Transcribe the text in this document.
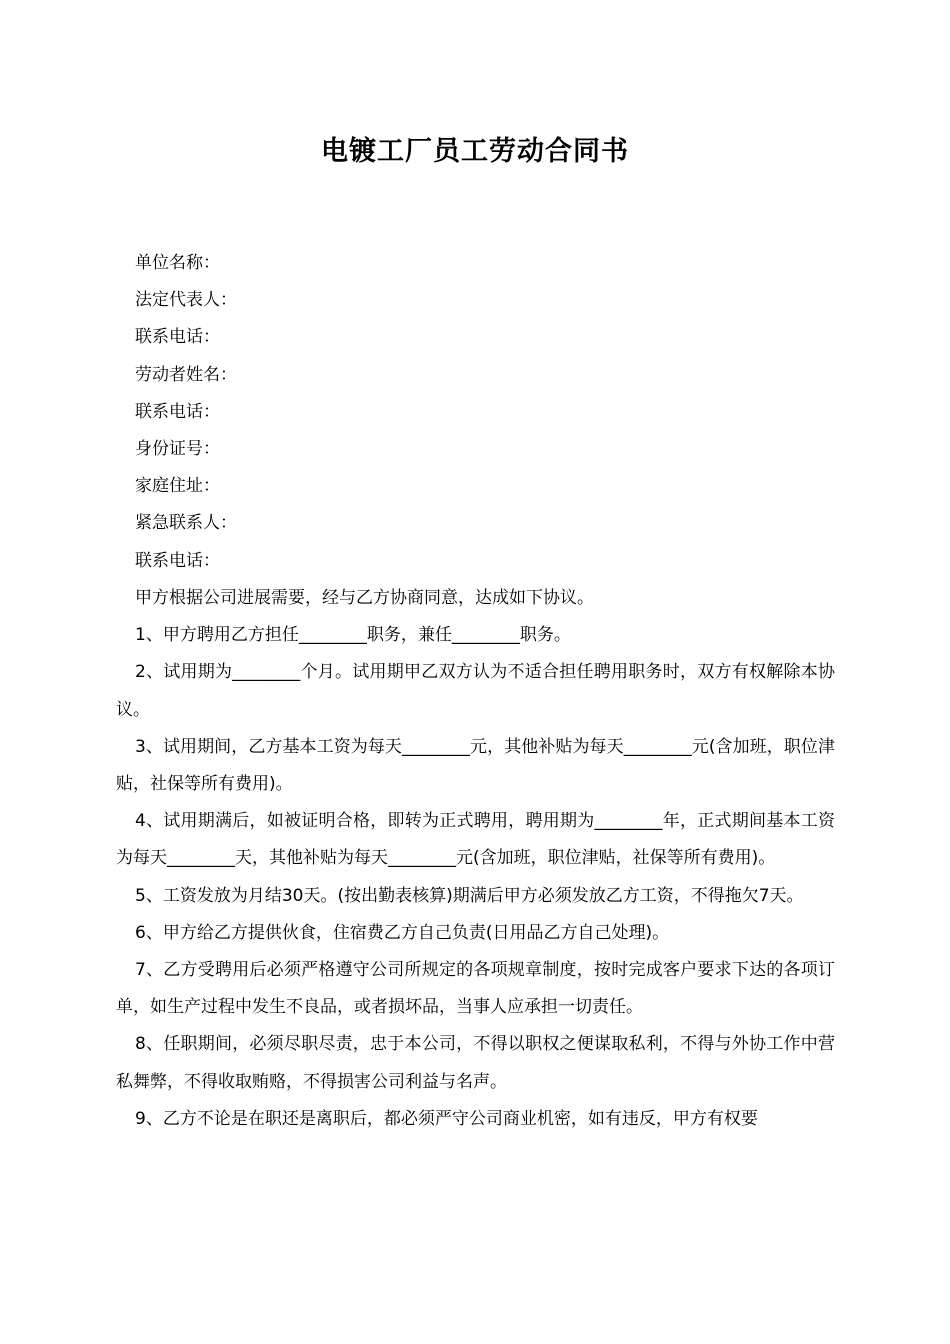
电镀工厂员工劳动合同书
单位名称：
法定代表人：
联系电话：
劳动者姓名：
联系电话：
身份证号：
家庭住址：
紧急联系人：
联系电话：

甲方根据公司进展需要，经与乙方协商同意，达成如下协议。

1、甲方聘用乙方担任________职务，兼任________职务。

2、试用期为________个月。试用期甲乙双方认为不适合担任聘用职务时，双方有权解除本协议。

3、试用期间，乙方基本工资为每天________元，其他补贴为每天________元(含加班，职位津贴，社保等所有费用)。

4、试用期满后，如被证明合格，即转为正式聘用，聘用期为________年，正式期间基本工资为每天________天，其他补贴为每天________元(含加班，职位津贴，社保等所有费用)。

5、工资发放为月结30天。(按出勤表核算)期满后甲方必须发放乙方工资，不得拖欠7天。

6、甲方给乙方提供伙食，住宿费乙方自己负责(日用品乙方自己处理)。

7、乙方受聘用后必须严格遵守公司所规定的各项规章制度，按时完成客户要求下达的各项订单，如生产过程中发生不良品，或者损坏品，当事人应承担一切责任。

8、任职期间，必须尽职尽责，忠于本公司，不得以职权之便谋取私利，不得与外协工作中营私舞弊，不得收取贿赂，不得损害公司利益与名声。

9、乙方不论是在职还是离职后，都必须严守公司商业机密，如有违反，甲方有权要
